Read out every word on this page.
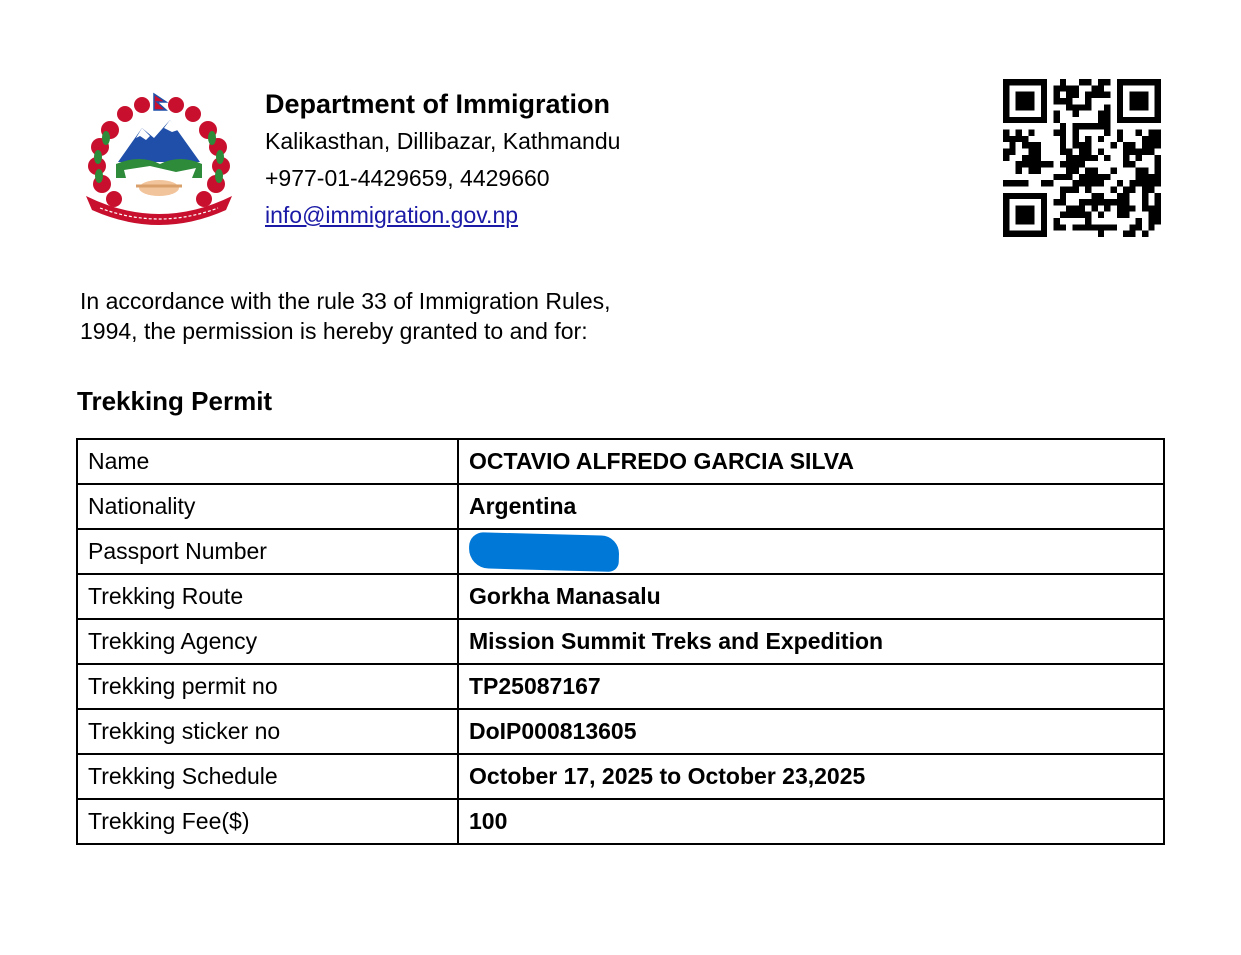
Department of Immigration
Kalikasthan, Dillibazar, Kathmandu
+977-01-4429659, 4429660
info@immigration.gov.np
In accordance with the rule 33 of Immigration Rules,
1994, the permission is hereby granted to and for:
Trekking Permit
Name	OCTAVIO ALFREDO GARCIA SILVA
Nationality	Argentina
Passport Number	
Trekking Route	Gorkha Manasalu
Trekking Agency	Mission Summit Treks and Expedition
Trekking permit no	TP25087167
Trekking sticker no	DoIP000813605
Trekking Schedule	October 17, 2025 to October 23,2025
Trekking Fee($)	100
